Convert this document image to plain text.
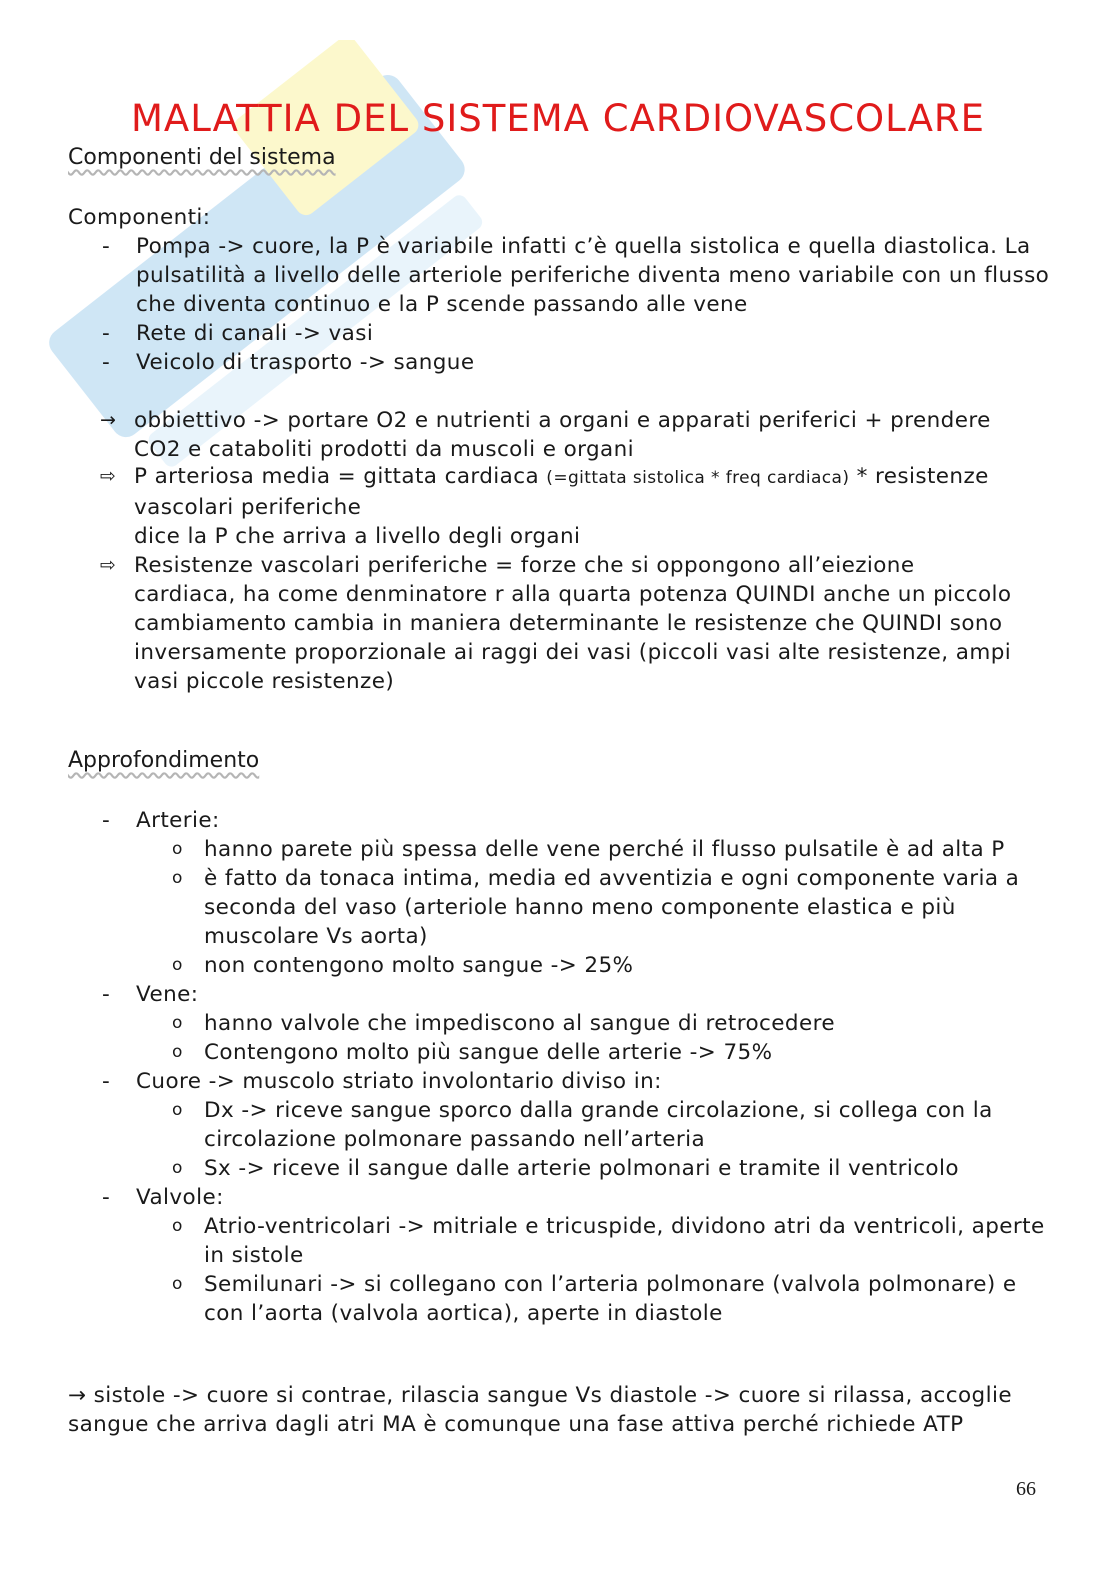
MALATTIA DEL SISTEMA CARDIOVASCOLARE
Componenti del sistema
Componenti:
- Pompa -> cuore, la P è variabile infatti c’è quella sistolica e quella diastolica. La pulsatilità a livello delle arteriole periferiche diventa meno variabile con un flusso che diventa continuo e la P scende passando alle vene
- Rete di canali -> vasi
- Veicolo di trasporto -> sangue
→ obbiettivo -> portare O2 e nutrienti a organi e apparati periferici + prendere CO2 e cataboliti prodotti da muscoli e organi
⇨ P arteriosa media = gittata cardiaca (=gittata sistolica * freq cardiaca) * resistenze vascolari periferiche
dice la P che arriva a livello degli organi
⇨ Resistenze vascolari periferiche = forze che si oppongono all’eiezione cardiaca, ha come denminatore r alla quarta potenza QUINDI anche un piccolo cambiamento cambia in maniera determinante le resistenze che QUINDI sono inversamente proporzionale ai raggi dei vasi (piccoli vasi alte resistenze, ampi vasi piccole resistenze)
Approfondimento
- Arterie:
o hanno parete più spessa delle vene perché il flusso pulsatile è ad alta P
o è fatto da tonaca intima, media ed avventizia e ogni componente varia a seconda del vaso (arteriole hanno meno componente elastica e più muscolare Vs aorta)
o non contengono molto sangue -> 25%
- Vene:
o hanno valvole che impediscono al sangue di retrocedere
o Contengono molto più sangue delle arterie -> 75%
- Cuore -> muscolo striato involontario diviso in:
o Dx -> riceve sangue sporco dalla grande circolazione, si collega con la circolazione polmonare passando nell’arteria
o Sx -> riceve il sangue dalle arterie polmonari e tramite il ventricolo
- Valvole:
o Atrio-ventricolari -> mitriale e tricuspide, dividono atri da ventricoli, aperte in sistole
o Semilunari -> si collegano con l’arteria polmonare (valvola polmonare) e con l’aorta (valvola aortica), aperte in diastole
→ sistole -> cuore si contrae, rilascia sangue Vs diastole -> cuore si rilassa, accoglie sangue che arriva dagli atri MA è comunque una fase attiva perché richiede ATP
66
